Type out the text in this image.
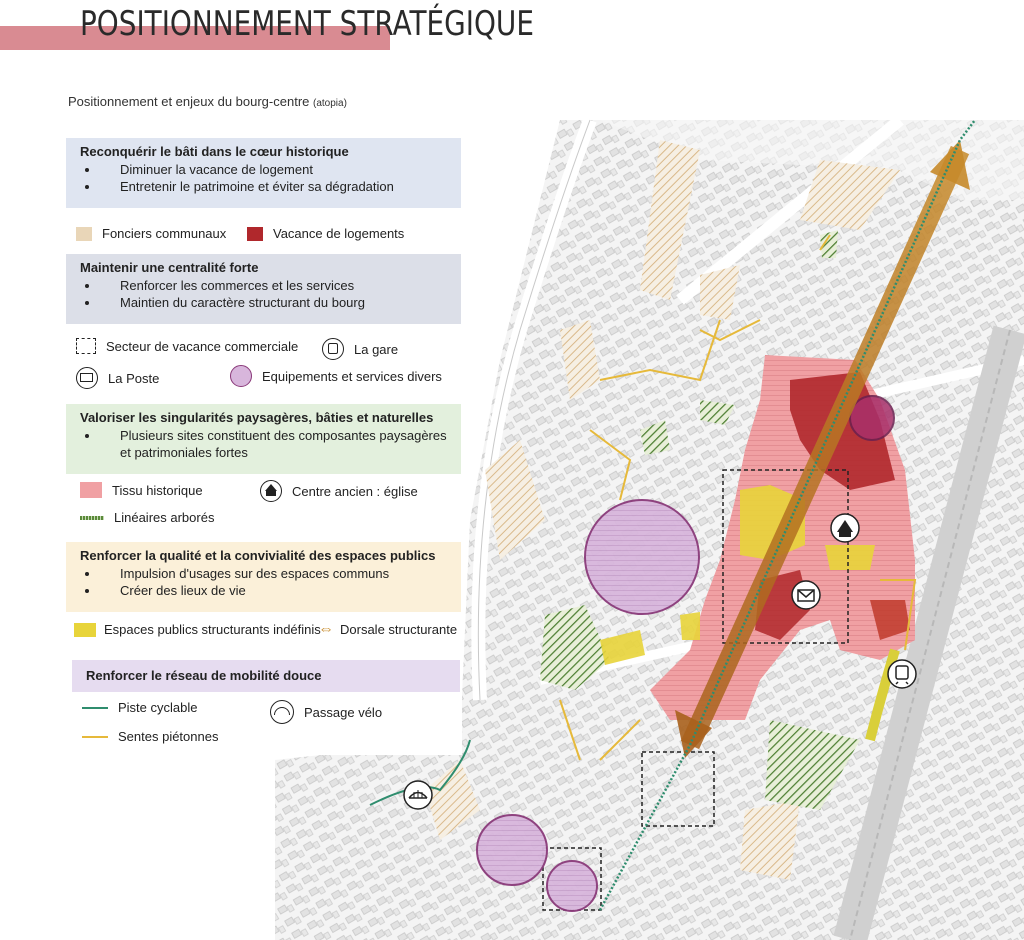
POSITIONNEMENT STRATÉGIQUE
Positionnement et enjeux du bourg-centre (atopia)
Reconquérir le bâti dans le cœur historique
• Diminuer la vacance de logement
• Entretenir le patrimoine et éviter sa dégradation
Fonciers communaux	Vacance de logements
Maintenir une centralité forte
• Renforcer les commerces et les services
• Maintien du caractère structurant du bourg
Secteur de vacance commerciale	La gare
La Poste	Equipements et services divers
Valoriser les singularités paysagères, bâties et naturelles
• Plusieurs sites constituent des composantes paysagères et patrimoniales fortes
Tissu historique	Centre ancien : église
Linéaires arborés
Renforcer la qualité et la convivialité des espaces publics
• Impulsion d'usages sur des espaces communs
• Créer des lieux de vie
Espaces publics structurants indéfinis
⇔ Dorsale structurante
Renforcer le réseau de mobilité douce
Piste cyclable	Passage vélo
Sentes piétonnes
